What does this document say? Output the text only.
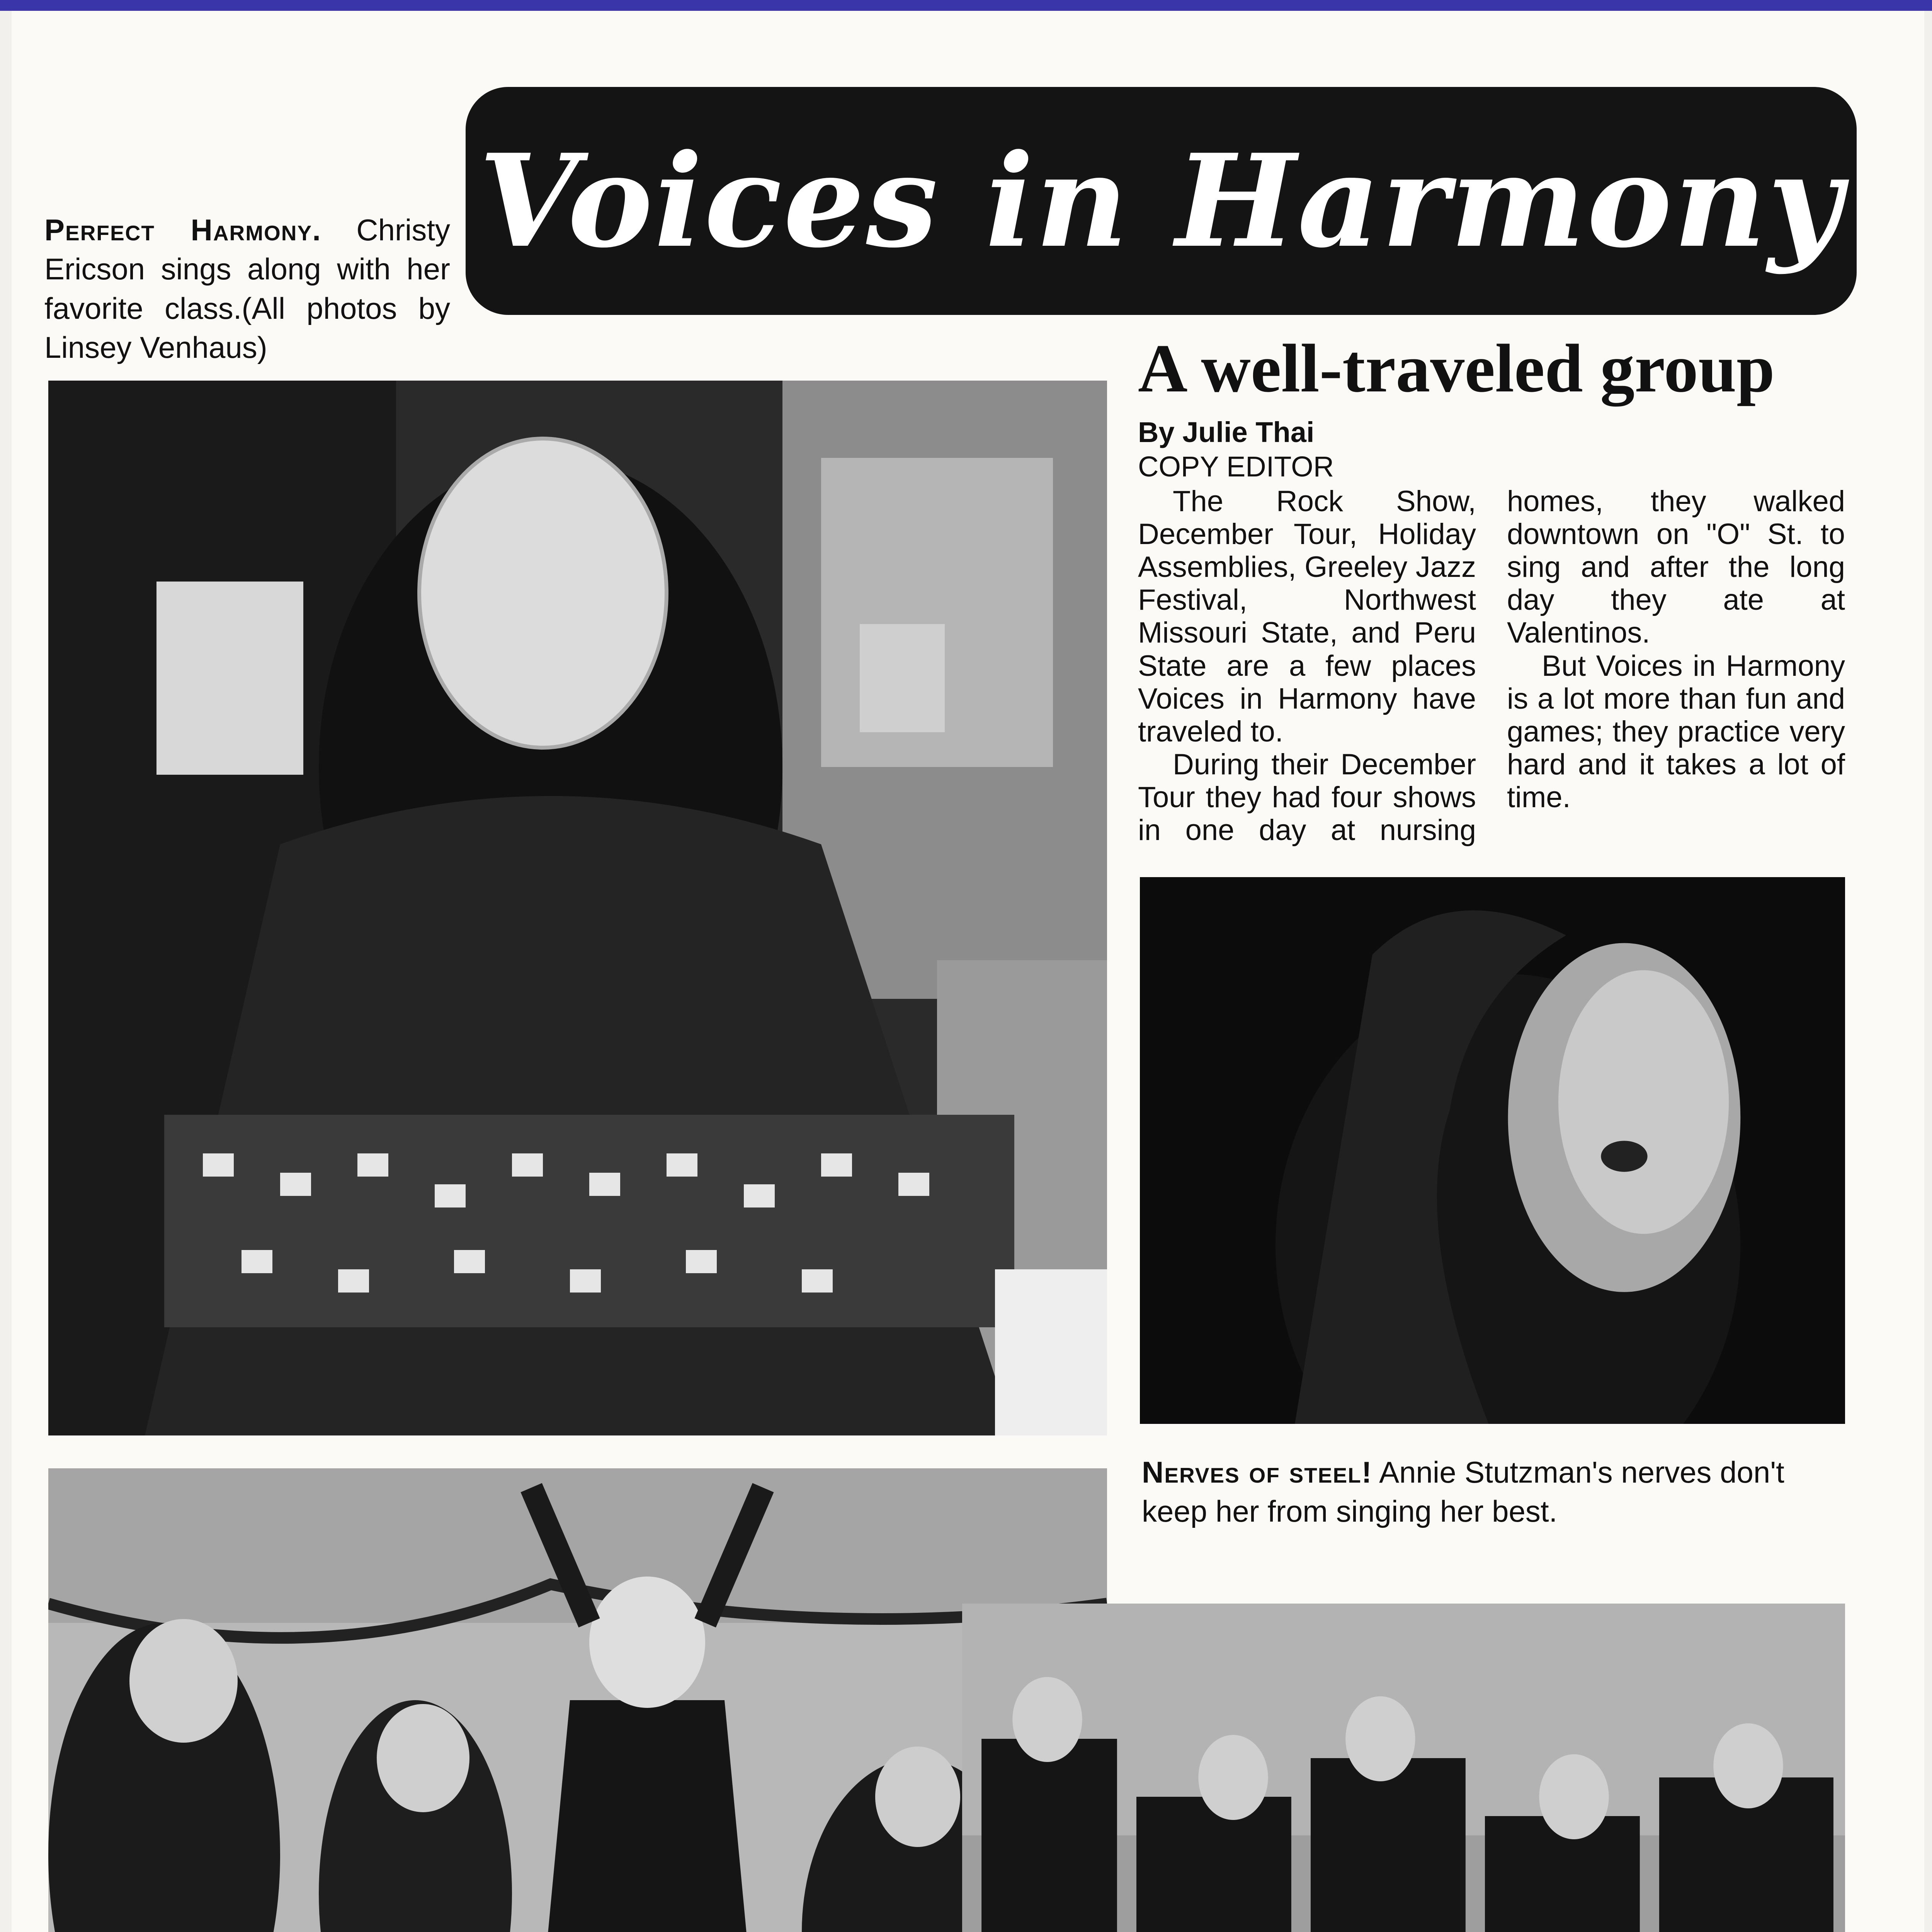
Voices in Harmony
Perfect Harmony. Christy Ericson sings along with her favorite class.(All photos by Linsey Venhaus)	A well-traveled group
By Julie Thai
COPY EDITOR

The Rock Show, December Tour, Holiday Assemblies, Greeley Jazz Festival, Northwest Missouri State, and Peru State are a few places Voices in Harmony have traveled to.

During their December Tour they had four shows in one day at nursing homes, they walked downtown on "O" St. to sing and after the long day they ate at Valentinos.

But Voices in Harmony is a lot more than fun and games; they practice very hard and it takes a lot of time.

Nerves of steel! Annie Stutzman's nerves don't keep her from singing her best.
